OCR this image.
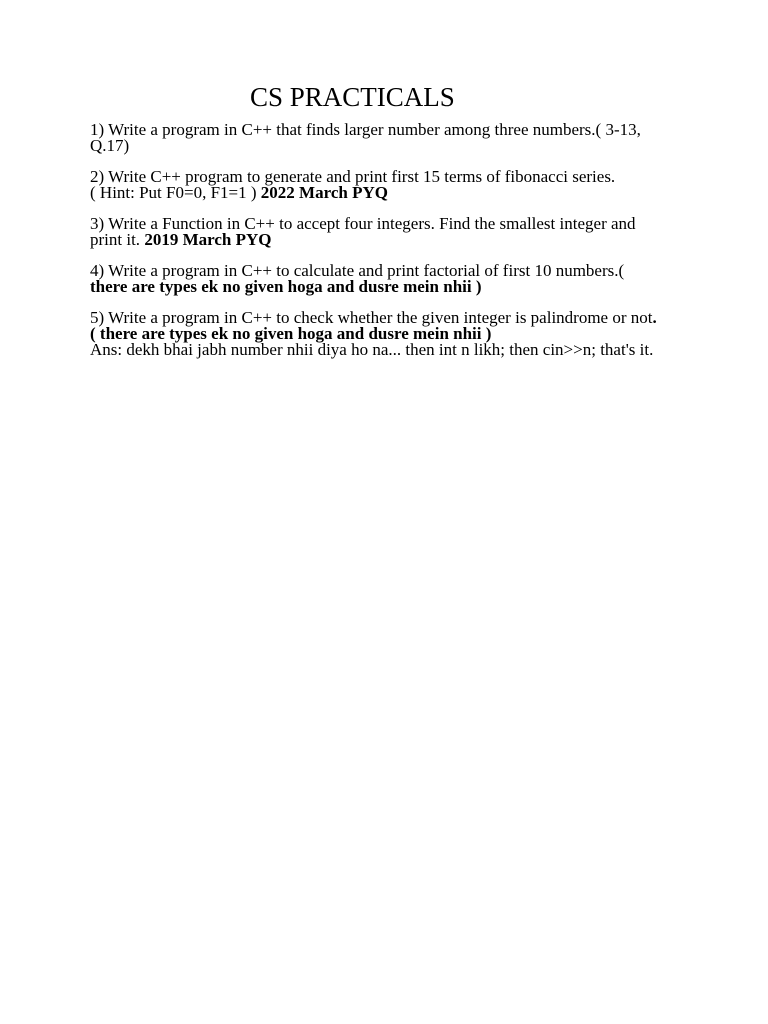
CS PRACTICALS
1) Write a program in C++ that finds larger number among three numbers.( 3-13,
Q.17)
2) Write C++ program to generate and print first 15 terms of fibonacci series.
( Hint: Put F0=0, F1=1 ) 2022 March PYQ
3) Write a Function in C++ to accept four integers. Find the smallest integer and
print it. 2019 March PYQ
4) Write a program in C++ to calculate and print factorial of first 10 numbers.(
there are types ek no given hoga and dusre mein nhii )
5) Write a program in C++ to check whether the given integer is palindrome or not.
( there are types ek no given hoga and dusre mein nhii )
Ans: dekh bhai jabh number nhii diya ho na... then int n likh; then cin>>n; that's it.
